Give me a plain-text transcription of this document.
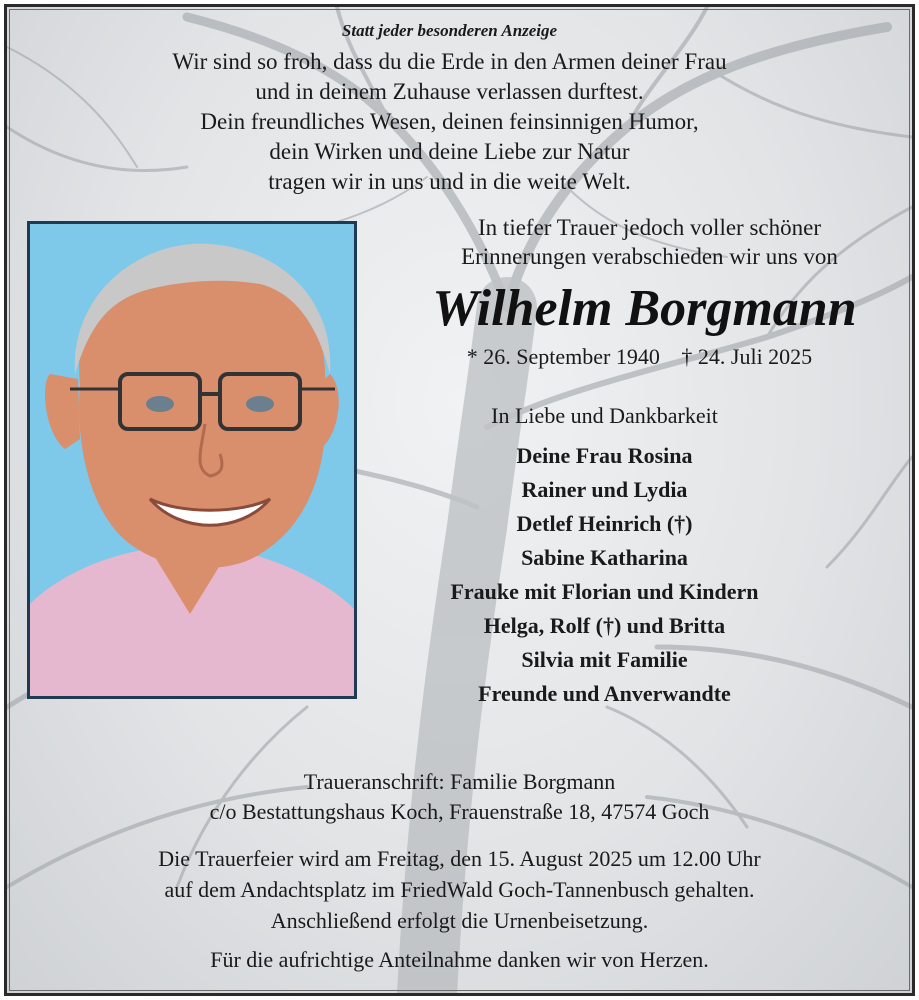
Statt jeder besonderen Anzeige
Wir sind so froh, dass du die Erde in den Armen deiner Frau
und in deinem Zuhause verlassen durftest.
Dein freundliches Wesen, deinen feinsinnigen Humor,
dein Wirken und deine Liebe zur Natur
tragen wir in uns und in die weite Welt.
In tiefer Trauer jedoch voller schöner
Erinnerungen verabschieden wir uns von
Wilhelm Borgmann
* 26. September 1940 † 24. Juli 2025
In Liebe und Dankbarkeit
Deine Frau Rosina
Rainer und Lydia
Detlef Heinrich (†)
Sabine Katharina
Frauke mit Florian und Kindern
Helga, Rolf (†) und Britta
Silvia mit Familie
Freunde und Anverwandte
Traueranschrift: Familie Borgmann
c/o Bestattungshaus Koch, Frauenstraße 18, 47574 Goch
Die Trauerfeier wird am Freitag, den 15. August 2025 um 12.00 Uhr
auf dem Andachtsplatz im FriedWald Goch-Tannenbusch gehalten.
Anschließend erfolgt die Urnenbeisetzung.
Für die aufrichtige Anteilnahme danken wir von Herzen.
